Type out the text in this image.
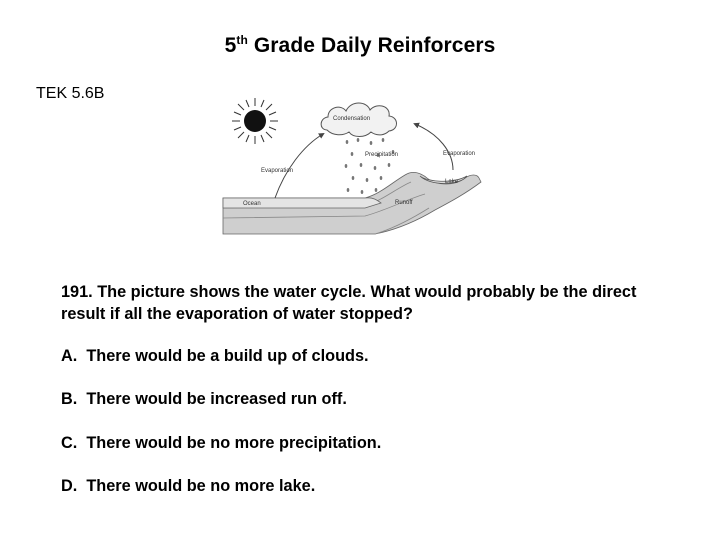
5th Grade Daily Reinforcers
TEK 5.6B
Condensation
Precipitation
Ocean
Lake
Runoff
Evaporation
Evaporation
191. The picture shows the water cycle. What would probably be the direct result if all the evaporation of water stopped?
A.  There would be a build up of clouds.
B.  There would be increased run off.
C.  There would be no more precipitation.
D.  There would be no more lake.
